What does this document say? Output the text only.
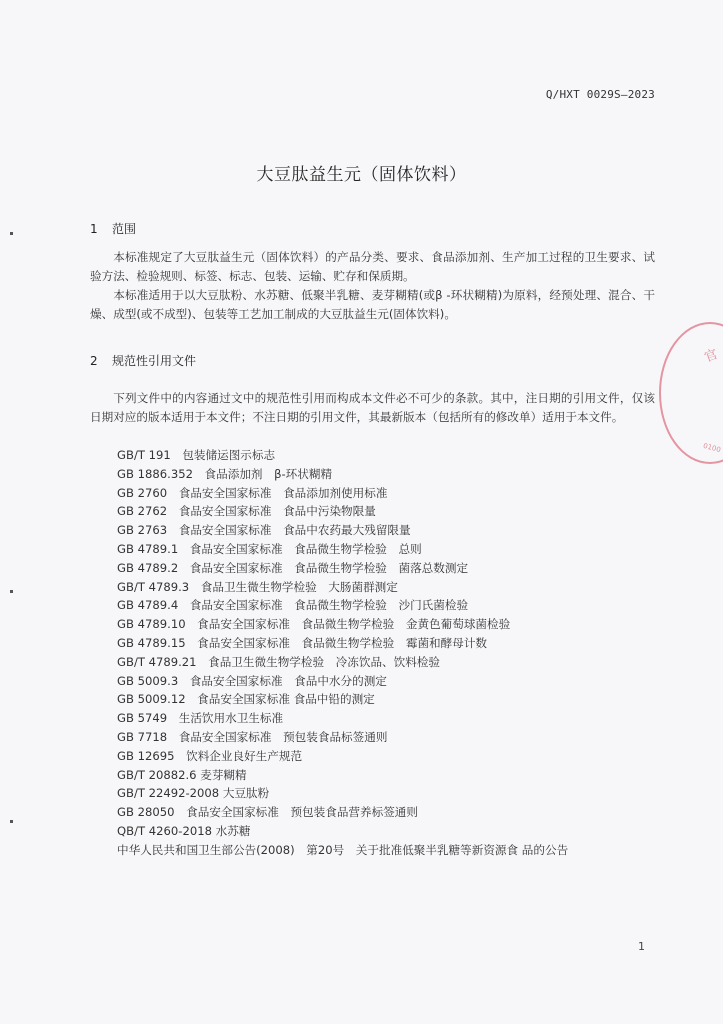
Q/HXT 0029S—2023
大豆肽益生元（固体饮料）
1 范围

本标准规定了大豆肽益生元（固体饮料）的产品分类、要求、食品添加剂、生产加工过程的卫生要求、试验方法、检验规则、标签、标志、包装、运输、贮存和保质期。

本标准适用于以大豆肽粉、水苏糖、低聚半乳糖、麦芽糊精(或β -环状糊精)为原料，经预处理、混合、干燥、成型(或不成型)、包装等工艺加工制成的大豆肽益生元(固体饮料)。

2 规范性引用文件

下列文件中的内容通过文中的规范性引用而构成本文件必不可少的条款。其中，注日期的引用文件，仅该日期对应的版本适用于本文件；不注日期的引用文件，其最新版本（包括所有的修改单）适用于本文件。

GB/T 191　包装储运图示标志
GB 1886.352　食品添加剂　β-环状糊精
GB 2760　食品安全国家标准　食品添加剂使用标准
GB 2762　食品安全国家标准　食品中污染物限量
GB 2763　食品安全国家标准　食品中农药最大残留限量
GB 4789.1　食品安全国家标准　食品微生物学检验　总则
GB 4789.2　食品安全国家标准　食品微生物学检验　菌落总数测定
GB/T 4789.3　食品卫生微生物学检验　大肠菌群测定
GB 4789.4　食品安全国家标准　食品微生物学检验　沙门氏菌检验
GB 4789.10　食品安全国家标准　食品微生物学检验　金黄色葡萄球菌检验
GB 4789.15　食品安全国家标准　食品微生物学检验　霉菌和酵母计数
GB/T 4789.21　食品卫生微生物学检验　冷冻饮品、饮料检验
GB 5009.3　食品安全国家标准　食品中水分的测定
GB 5009.12　食品安全国家标准 食品中铅的测定
GB 5749　生活饮用水卫生标准
GB 7718　食品安全国家标准　预包装食品标签通则
GB 12695　饮料企业良好生产规范
GB/T 20882.6 麦芽糊精
GB/T 22492-2008 大豆肽粉
GB 28050　食品安全国家标准　预包装食品营养标签通则
QB/T 4260-2018 水苏糖
中华人民共和国卫生部公告(2008)　第20号　关于批准低聚半乳糖等新资源食 品的公告
1
官
0100
